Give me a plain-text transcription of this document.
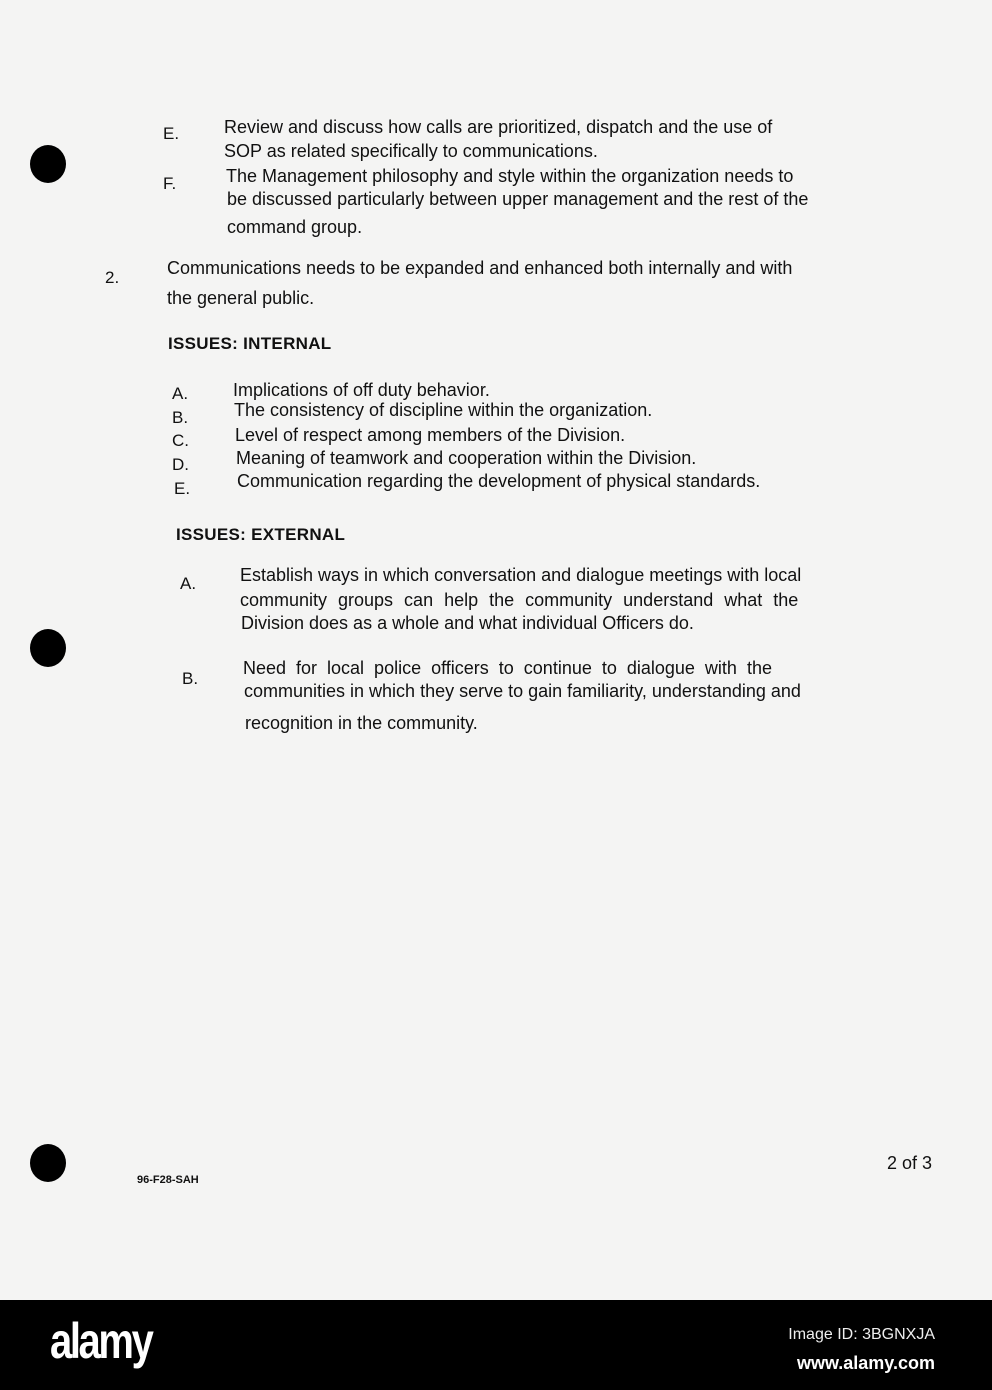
E. Review and discuss how calls are prioritized, dispatch and the use of
SOP as related specifically to communications.
F.	The Management philosophy and style within the organization needs to
be discussed particularly between upper management and the rest of the
command group.
2.	Communications needs to be expanded and enhanced both internally and with
the general public.
ISSUES: INTERNAL
A. Implications of off duty behavior.
B.	The consistency of discipline within the organization.
C.	Level of respect among members of the Division.
D.	Meaning of teamwork and cooperation within the Division.
E.	Communication regarding the development of physical standards.
ISSUES: EXTERNAL
A. Establish ways in which conversation and dialogue meetings with local
community groups can help the community understand what the
Division does as a whole and what individual Officers do.
B.
Need for local police officers to continue to dialogue with the
communities in which they serve to gain familiarity, understanding and
recognition in the community.
96-F28-SAH
2 of 3
alamy	Image ID: 3BGNXJA
www.alamy.com
